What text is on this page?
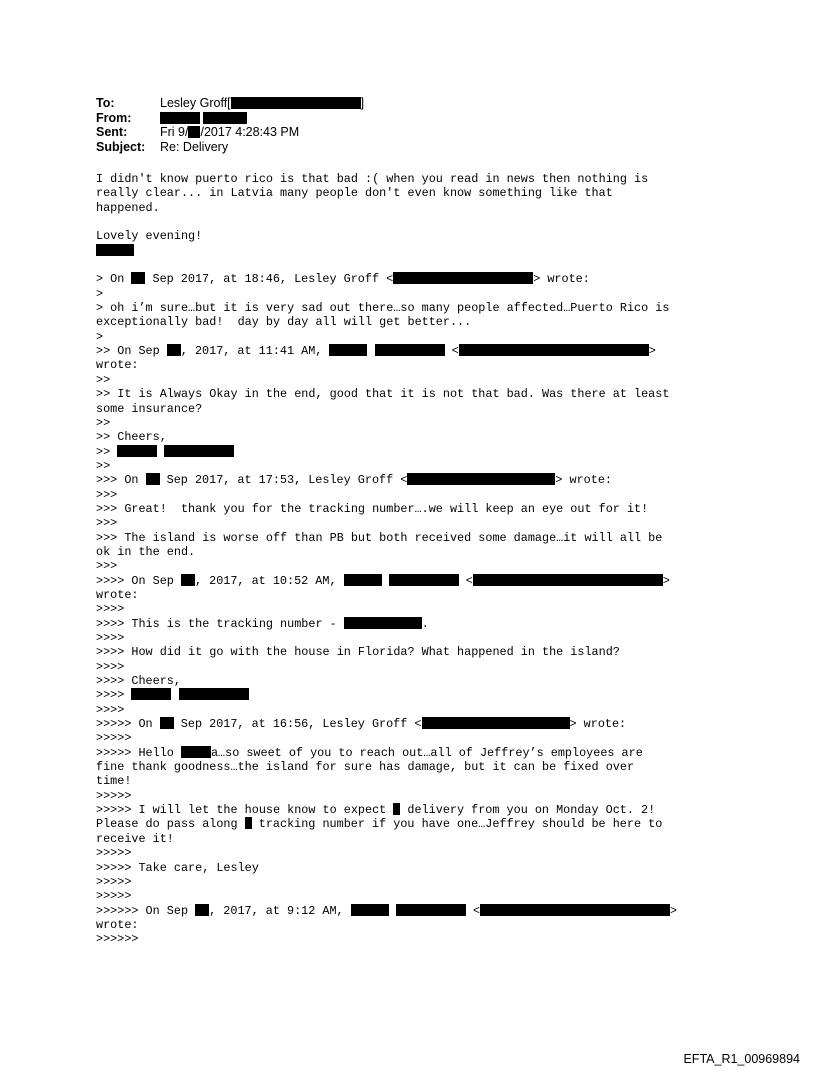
To:	Lesley Groff[	]
From:

Sent:	Fri 9/ /2017 4:28:43 PM
Subject:	Re: Delivery
I didn't know puerto rico is that bad :( when you read in news then nothing is
really clear... in Latvia many people don't even know something like that
happened.
Lovely evening!
> On  Sep 2017, at 18:46, Lesley Groff <	> wrote:
>
> oh i’m sure…but it is very sad out there…so many people affected…Puerto Rico is
exceptionally bad!  day by day all will get better...
>
>> On Sep , 2017, at 11:41 AM,	<	>
wrote:
>>
>> It is Always Okay in the end, good that it is not that bad. Was there at least
some insurance?
>>
>> Cheers,
>>
>>
>>> On  Sep 2017, at 17:53, Lesley Groff <	> wrote:
>>>
>>> Great!  thank you for the tracking number….we will keep an eye out for it!
>>>
>>> The island is worse off than PB but both received some damage…it will all be
ok in the end.
>>>
>>>> On Sep , 2017, at 10:52 AM,	<	>
wrote:
>>>>
>>>> This is the tracking number -	.
>>>>
>>>> How did it go with the house in Florida? What happened in the island?
>>>>
>>>> Cheers,
>>>>
>>>>
>>>>> On  Sep 2017, at 16:56, Lesley Groff <	> wrote:
>>>>>
>>>>> Hello	a…so sweet of you to reach out…all of Jeffrey’s employees are
fine thank goodness…the island for sure has damage, but it can be fixed over
time!
>>>>>
>>>>> I will let the house know to expect  delivery from you on Monday Oct. 2!
Please do pass along  tracking number if you have one…Jeffrey should be here to
receive it!
>>>>>
>>>>> Take care, Lesley
>>>>>
>>>>>
>>>>>> On Sep , 2017, at 9:12 AM,	<	>
wrote:
>>>>>>
EFTA_R1_00969894
